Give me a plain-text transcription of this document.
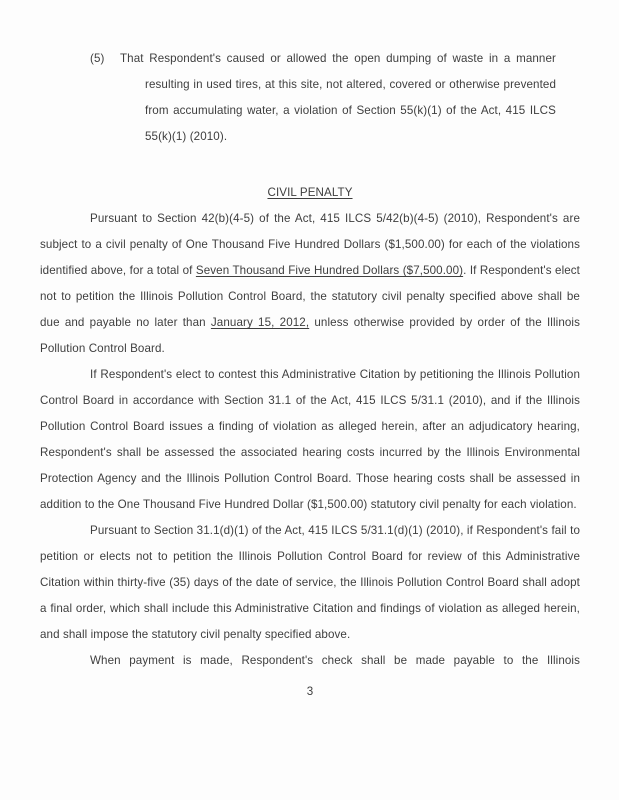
(5) That Respondent's caused or allowed the open dumping of waste in a manner resulting in used tires, at this site, not altered, covered or otherwise prevented from accumulating water, a violation of Section 55(k)(1) of the Act, 415 ILCS 55(k)(1) (2010).
CIVIL PENALTY

Pursuant to Section 42(b)(4-5) of the Act, 415 ILCS 5/42(b)(4-5) (2010), Respondent's are subject to a civil penalty of One Thousand Five Hundred Dollars ($1,500.00) for each of the violations identified above, for a total of Seven Thousand Five Hundred Dollars ($7,500.00). If Respondent's elect not to petition the Illinois Pollution Control Board, the statutory civil penalty specified above shall be due and payable no later than January 15, 2012, unless otherwise provided by order of the Illinois Pollution Control Board.

If Respondent's elect to contest this Administrative Citation by petitioning the Illinois Pollution Control Board in accordance with Section 31.1 of the Act, 415 ILCS 5/31.1 (2010), and if the Illinois Pollution Control Board issues a finding of violation as alleged herein, after an adjudicatory hearing, Respondent's shall be assessed the associated hearing costs incurred by the Illinois Environmental Protection Agency and the Illinois Pollution Control Board. Those hearing costs shall be assessed in addition to the One Thousand Five Hundred Dollar ($1,500.00) statutory civil penalty for each violation.

Pursuant to Section 31.1(d)(1) of the Act, 415 ILCS 5/31.1(d)(1) (2010), if Respondent's fail to petition or elects not to petition the Illinois Pollution Control Board for review of this Administrative Citation within thirty-five (35) days of the date of service, the Illinois Pollution Control Board shall adopt a final order, which shall include this Administrative Citation and findings of violation as alleged herein, and shall impose the statutory civil penalty specified above.

When payment is made, Respondent's check shall be made payable to the Illinois

3
